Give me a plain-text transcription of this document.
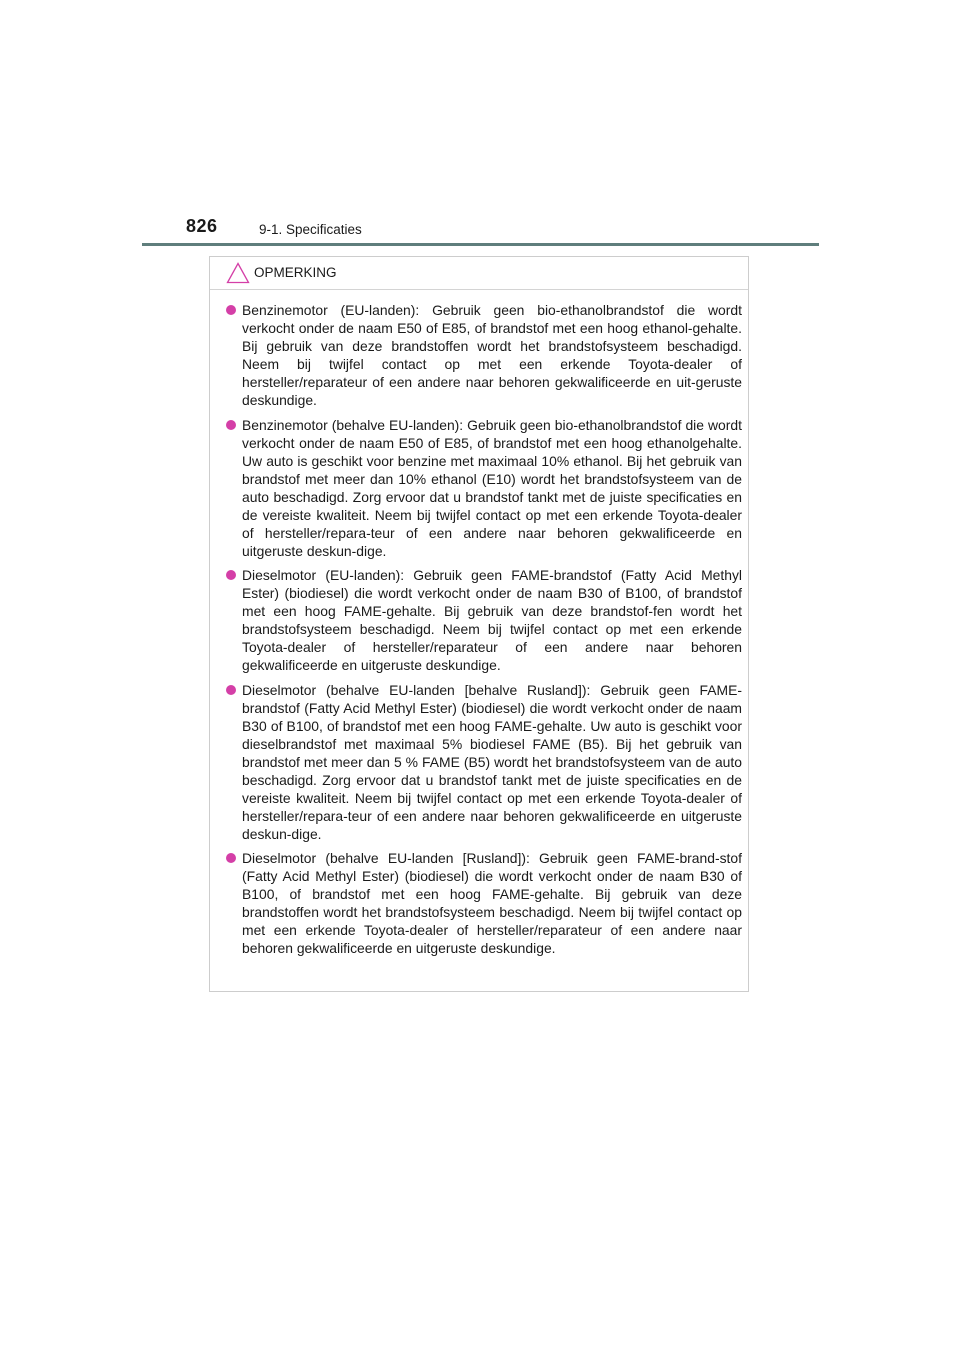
826	9-1. Specificaties
OPMERKING
Benzinemotor (EU-landen): Gebruik geen bio-ethanolbrandstof die wordt verkocht onder de naam E50 of E85, of brandstof met een hoog ethanol-gehalte. Bij gebruik van deze brandstoffen wordt het brandstofsysteem beschadigd. Neem bij twijfel contact op met een erkende Toyota-dealer of hersteller/reparateur of een andere naar behoren gekwalificeerde en uit-geruste deskundige.
Benzinemotor (behalve EU-landen): Gebruik geen bio-ethanolbrandstof die wordt verkocht onder de naam E50 of E85, of brandstof met een hoog ethanolgehalte. Uw auto is geschikt voor benzine met maximaal 10% ethanol. Bij het gebruik van brandstof met meer dan 10% ethanol (E10) wordt het brandstofsysteem van de auto beschadigd. Zorg ervoor dat u brandstof tankt met de juiste specificaties en de vereiste kwaliteit. Neem bij twijfel contact op met een erkende Toyota-dealer of hersteller/repara-teur of een andere naar behoren gekwalificeerde en uitgeruste deskun-dige.
Dieselmotor (EU-landen): Gebruik geen FAME-brandstof (Fatty Acid Methyl Ester) (biodiesel) die wordt verkocht onder de naam B30 of B100, of brandstof met een hoog FAME-gehalte. Bij gebruik van deze brandstof-fen wordt het brandstofsysteem beschadigd. Neem bij twijfel contact op met een erkende Toyota-dealer of hersteller/reparateur of een andere naar behoren gekwalificeerde en uitgeruste deskundige.
Dieselmotor (behalve EU-landen [behalve Rusland]): Gebruik geen FAME-brandstof (Fatty Acid Methyl Ester) (biodiesel) die wordt verkocht onder de naam B30 of B100, of brandstof met een hoog FAME-gehalte. Uw auto is geschikt voor dieselbrandstof met maximaal 5% biodiesel FAME (B5). Bij het gebruik van brandstof met meer dan 5 % FAME (B5) wordt het brandstofsysteem van de auto beschadigd. Zorg ervoor dat u brandstof tankt met de juiste specificaties en de vereiste kwaliteit. Neem bij twijfel contact op met een erkende Toyota-dealer of hersteller/repara-teur of een andere naar behoren gekwalificeerde en uitgeruste deskun-dige.
Dieselmotor (behalve EU-landen [Rusland]): Gebruik geen FAME-brand-stof (Fatty Acid Methyl Ester) (biodiesel) die wordt verkocht onder de naam B30 of B100, of brandstof met een hoog FAME-gehalte. Bij gebruik van deze brandstoffen wordt het brandstofsysteem beschadigd. Neem bij twijfel contact op met een erkende Toyota-dealer of hersteller/reparateur of een andere naar behoren gekwalificeerde en uitgeruste deskundige.
